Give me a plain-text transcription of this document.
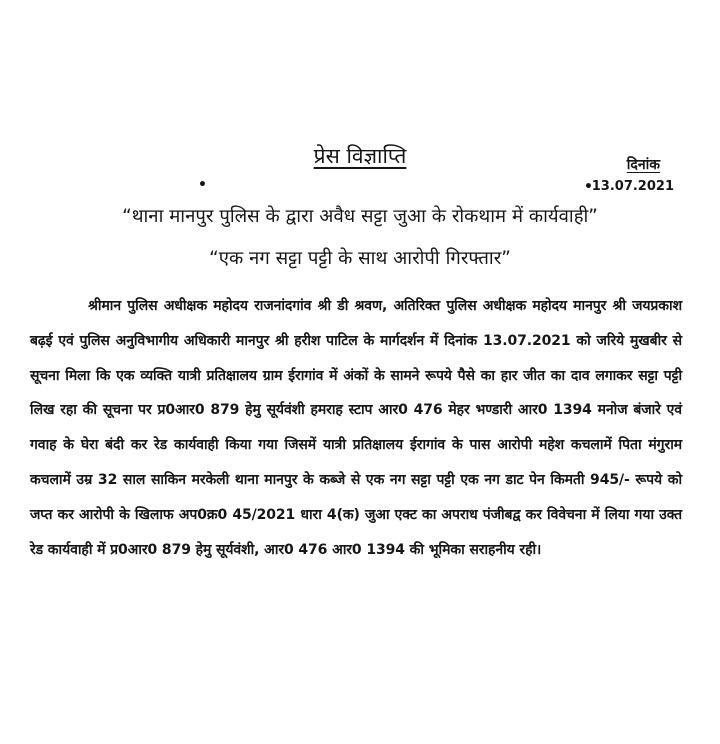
प्रेस विज्ञाप्ति	दिनांक
•
13.07.2021
•
“थाना मानपुर पुलिस के द्वारा अवैध सट्टा जुआ के रोकथाम में कार्यवाही”
“एक नग सट्टा पट्टी के साथ आरोपी गिरफ्तार”
श्रीमान पुलिस अधीक्षक महोदय राजनांदगांव श्री डी श्रवण, अतिरिक्त पुलिस अधीक्षक महोदय मानपुर श्री जयप्रकाश बढ़ई एवं पुलिस अनुविभागीय अधिकारी मानपुर श्री हरीश पाटिल के मार्गदर्शन में दिनांक 13.07.2021 को जरिये मुखबीर से सूचना मिला कि एक व्यक्ति यात्री प्रतिक्षालय ग्राम ईरागांव में अंकों के सामने रूपये पैसे का हार जीत का दाव लगाकर सट्टा पट्टी लिख रहा की सूचना पर प्र0आर0 879 हेमु सूर्यवंशी हमराह स्टाप आर0 476 मेहर भण्डारी आर0 1394 मनोज बंजारे एवं गवाह के घेरा बंदी कर रेड कार्यवाही किया गया जिसमें यात्री प्रतिक्षालय ईरागांव के पास आरोपी महेश कचलामें पिता मंगुराम कचलामें उम्र 32 साल साकिन मरकेली थाना मानपुर के कब्जे से एक नग सट्टा पट्टी एक नग डाट पेन किमती 945/- रूपये को जप्त कर आरोपी के खिलाफ अप0क्र0 45/2021 धारा 4(क) जुआ एक्ट का अपराध पंजीबद्व कर विवेचना में लिया गया उक्त रेड कार्यवाही में प्र0आर0 879 हेमु सूर्यवंशी, आर0 476 आर0 1394 की भूमिका सराहनीय रही।
